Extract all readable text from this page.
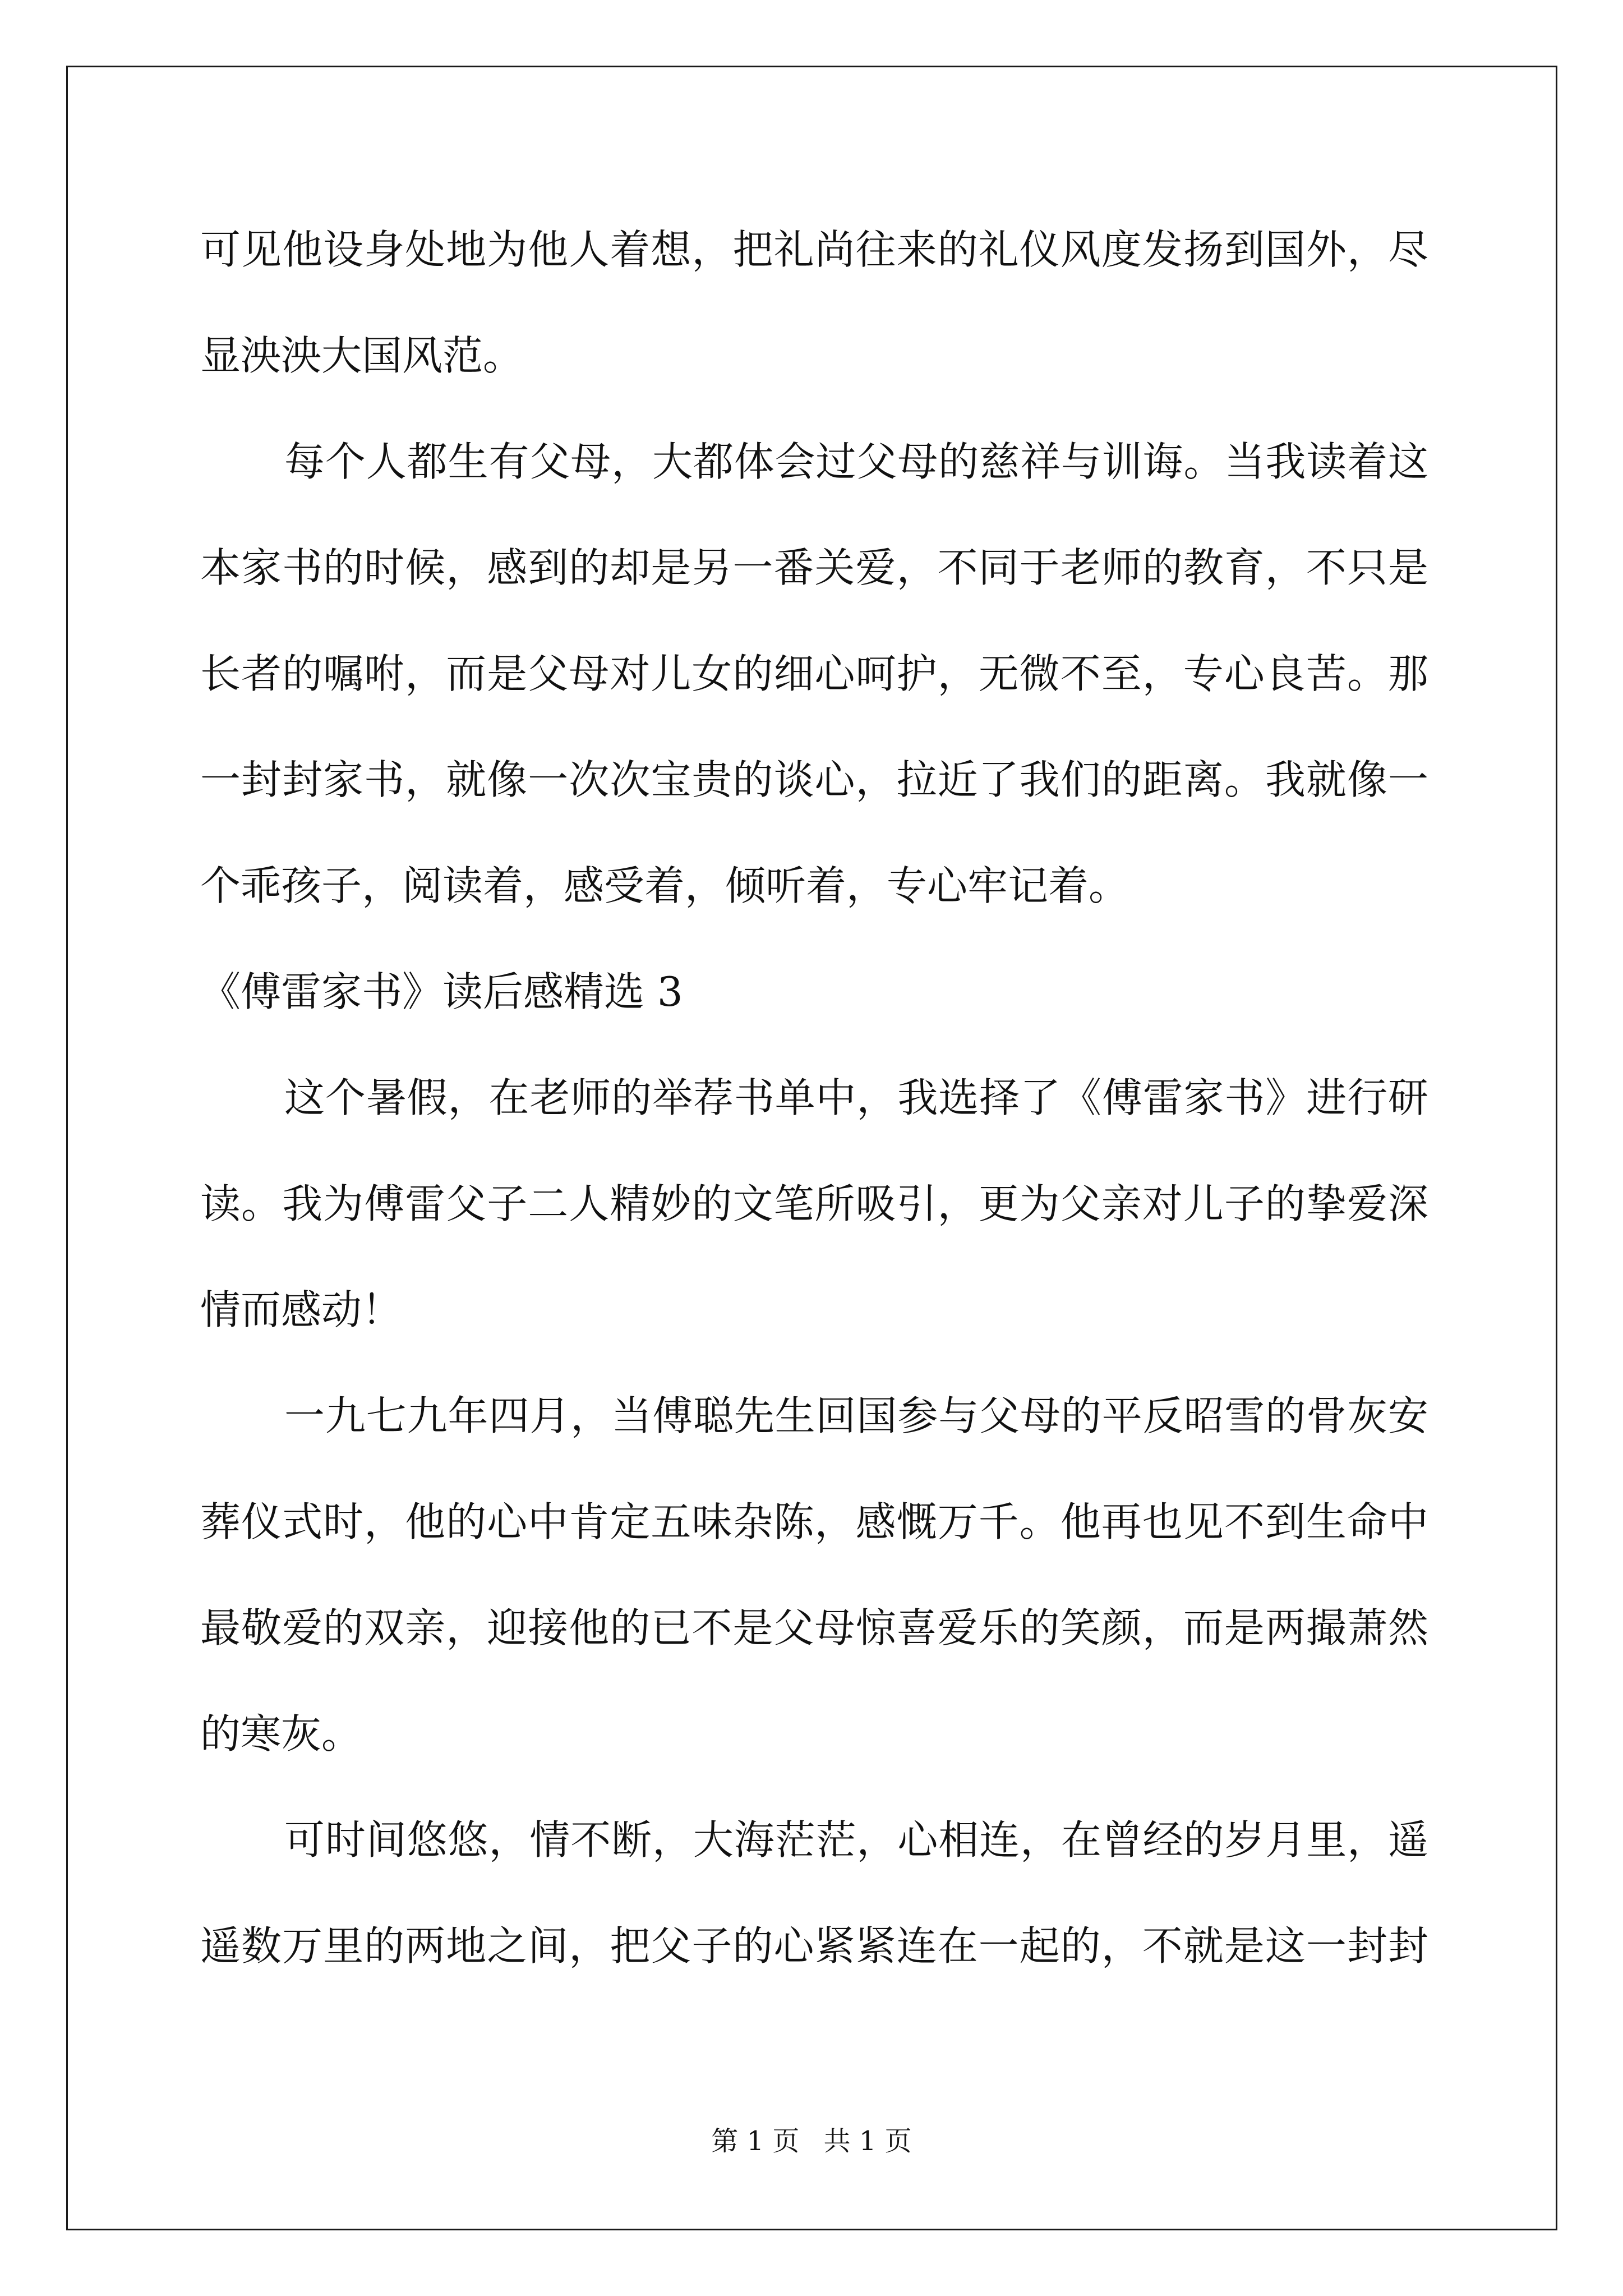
可见他设身处地为他人着想，把礼尚往来的礼仪风度发扬到国外，尽
显泱泱大国风范。
每个人都生有父母，大都体会过父母的慈祥与训诲。当我读着这
本家书的时候，感到的却是另一番关爱，不同于老师的教育，不只是
长者的嘱咐，而是父母对儿女的细心呵护，无微不至，专心良苦。那
一封封家书，就像一次次宝贵的谈心，拉近了我们的距离。我就像一
个乖孩子，阅读着，感受着，倾听着，专心牢记着。
《傅雷家书》读后感精选 3
这个暑假，在老师的举荐书单中，我选择了《傅雷家书》进行研
读。我为傅雷父子二人精妙的文笔所吸引，更为父亲对儿子的挚爱深
情而感动！
一九七九年四月，当傅聪先生回国参与父母的平反昭雪的骨灰安
葬仪式时，他的心中肯定五味杂陈，感慨万千。他再也见不到生命中
最敬爱的双亲，迎接他的已不是父母惊喜爱乐的笑颜，而是两撮萧然
的寒灰。
可时间悠悠，情不断，大海茫茫，心相连，在曾经的岁月里，遥
遥数万里的两地之间，把父子的心紧紧连在一起的，不就是这一封封
第 1 页 共 1 页
